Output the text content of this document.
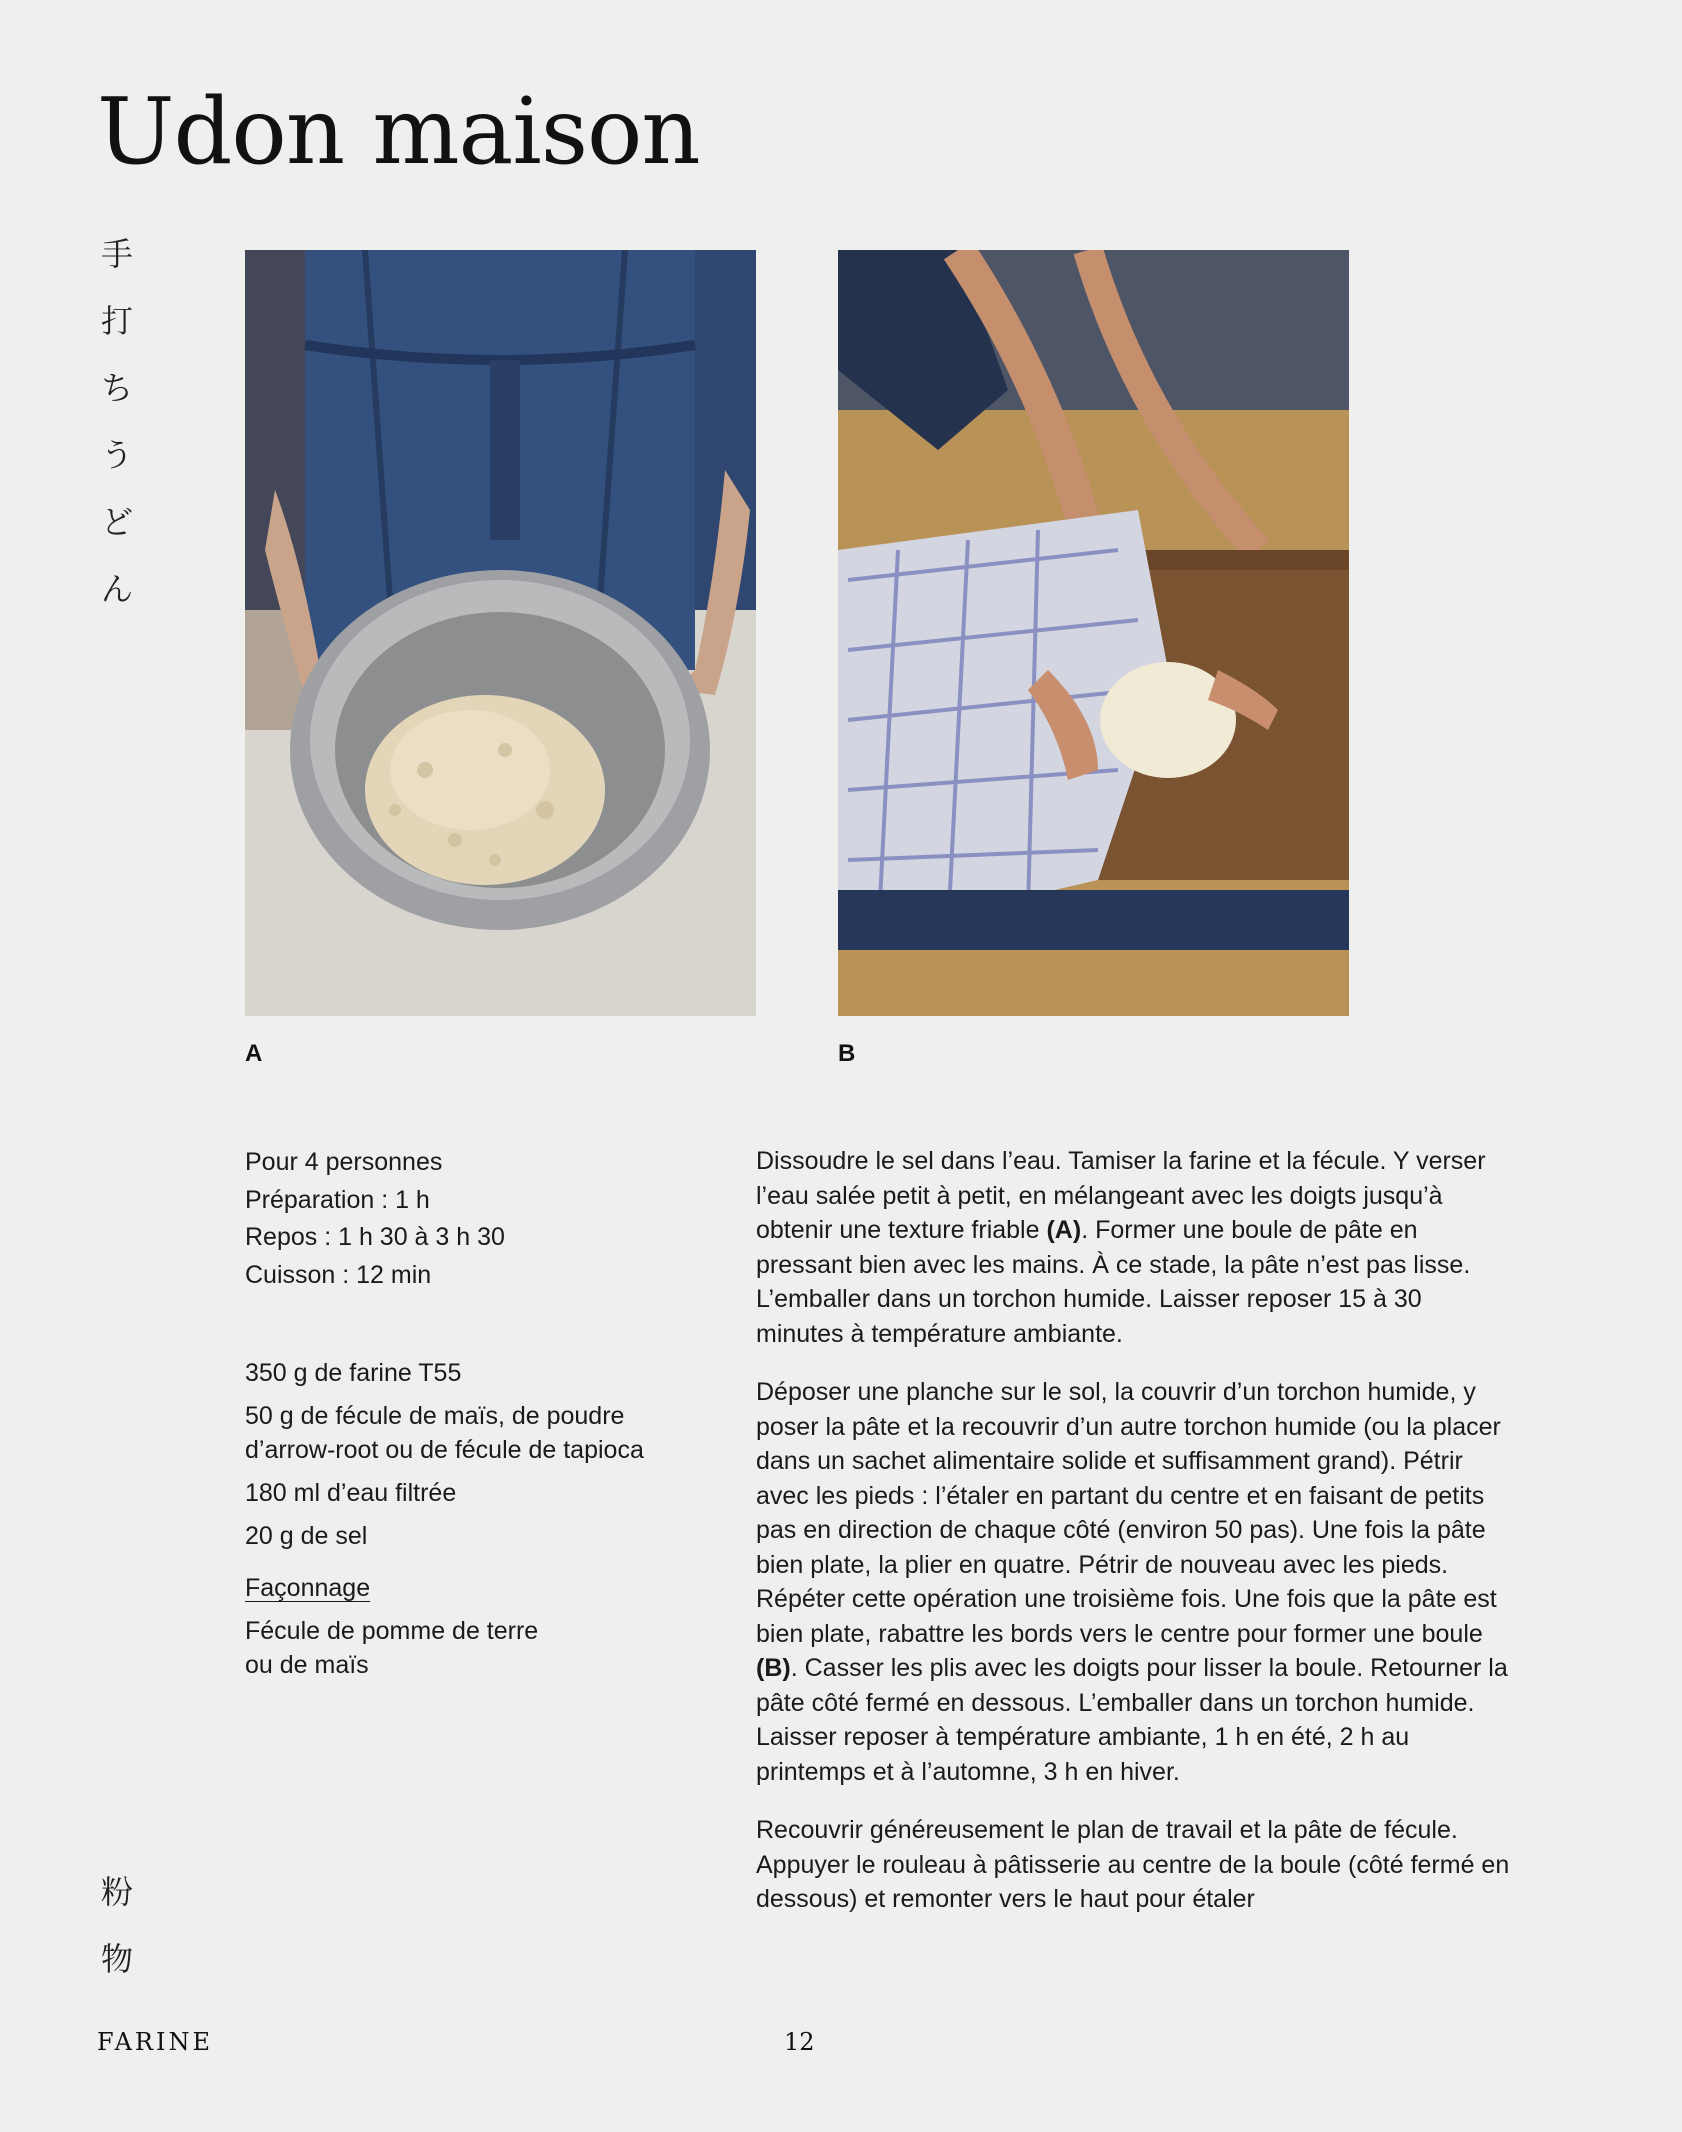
Udon maison
手
打
ち
う
ど
ん
A	B
Pour 4 personnes
Préparation : 1 h
Repos : 1 h 30 à 3 h 30
Cuisson : 12 min
350 g de farine T55
50 g de fécule de maïs, de poudre d’arrow-root ou de fécule de tapioca
180 ml d’eau filtrée
20 g de sel
Façonnage
Fécule de pomme de terre ou de maïs

Dissoudre le sel dans l’eau. Tamiser la farine et la fécule. Y verser l’eau salée petit à petit, en mélangeant avec les doigts jusqu’à obtenir une texture friable (A). Former une boule de pâte en pressant bien avec les mains. À ce stade, la pâte n’est pas lisse. L’emballer dans un torchon humide. Laisser reposer 15 à 30 minutes à température ambiante.

Déposer une planche sur le sol, la couvrir d’un torchon humide, y poser la pâte et la recouvrir d’un autre torchon humide (ou la placer dans un sachet alimentaire solide et suffisamment grand). Pétrir avec les pieds : l’étaler en partant du centre et en faisant de petits pas en direction de chaque côté (environ 50 pas). Une fois la pâte bien plate, la plier en quatre. Pétrir de nouveau avec les pieds. Répéter cette opération une troisième fois. Une fois que la pâte est bien plate, rabattre les bords vers le centre pour former une boule (B). Casser les plis avec les doigts pour lisser la boule. Retourner la pâte côté fermé en dessous. L’emballer dans un torchon humide. Laisser reposer à température ambiante, 1 h en été, 2 h au printemps et à l’automne, 3 h en hiver.

Recouvrir généreusement le plan de travail et la pâte de fécule. Appuyer le rouleau à pâtisserie au centre de la boule (côté fermé en dessous) et remonter vers le haut pour étaler

粉
物
FARINE	12
